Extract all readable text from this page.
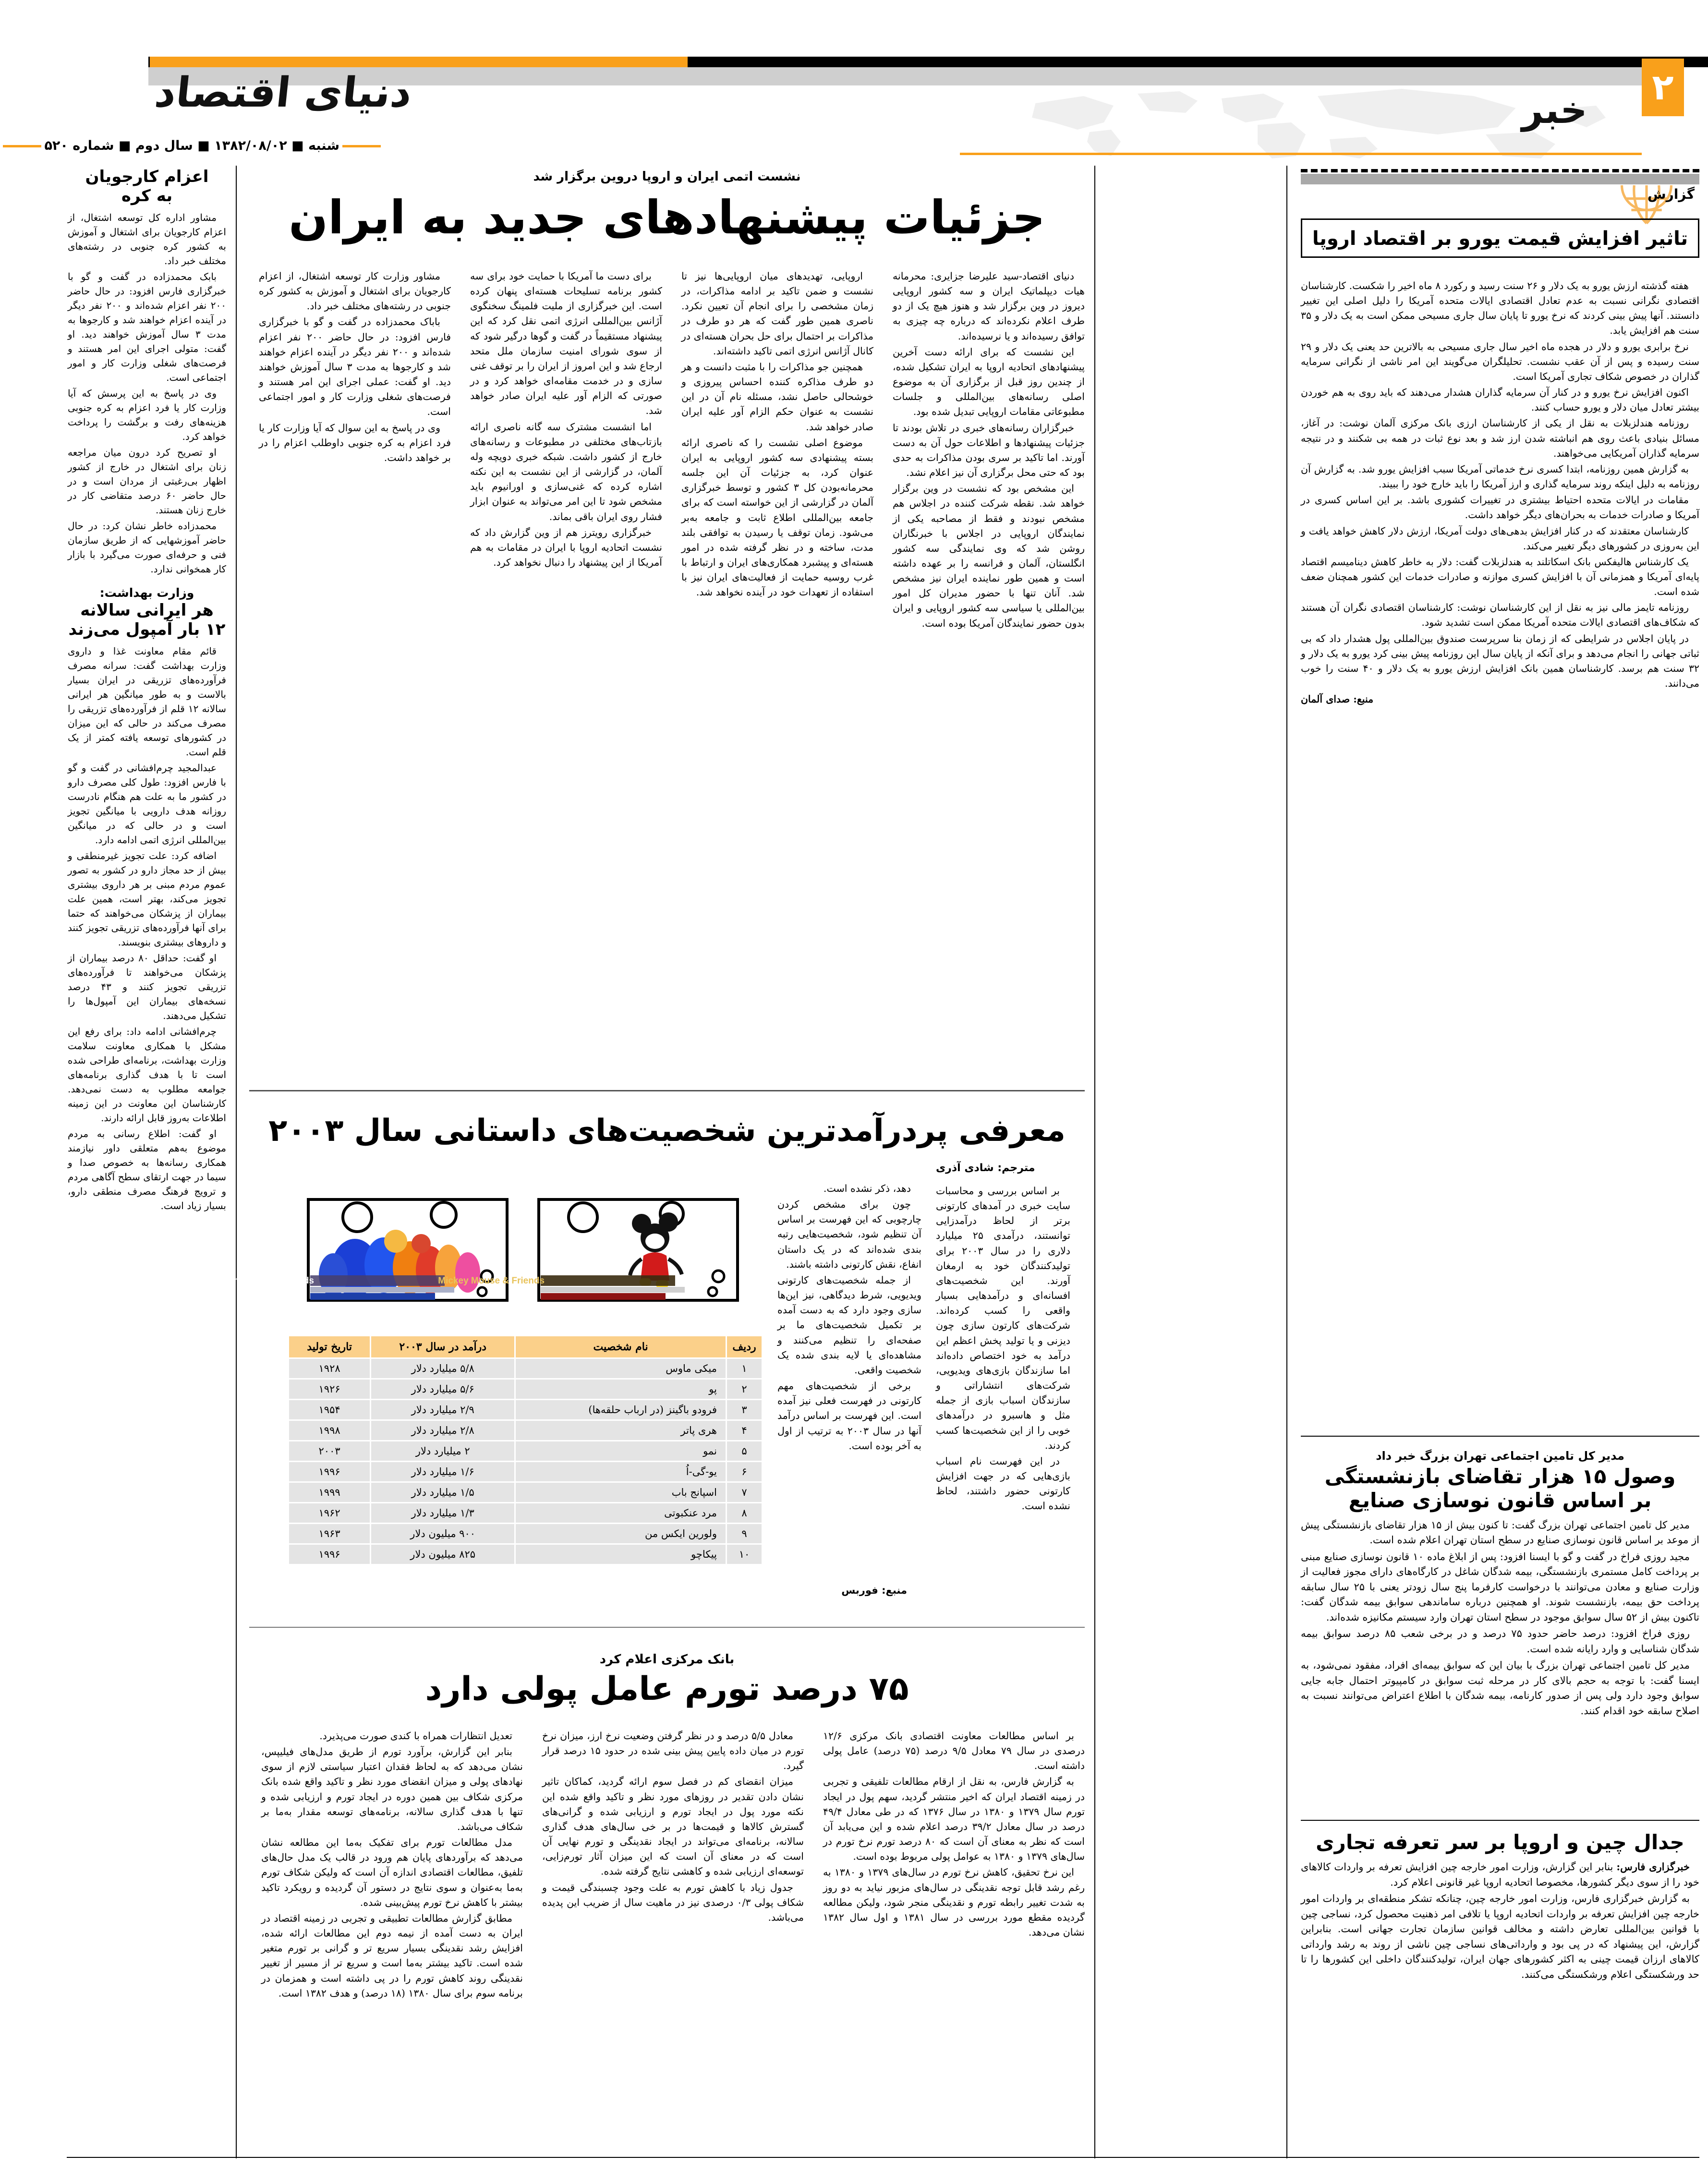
دنیای اقتصاد	۲
خبر
شنبه ■ ۱۳۸۲/۰۸/۰۲ ■ سال دوم ■ شماره ۵۲۰
اعزام کارجویان
به کره

مشاور اداره کل توسعه اشتغال، از اعزام کارجویان برای اشتغال و آموزش به کشور کره جنوبی در رشته‌های مختلف خبر داد.

بابک محمدزاده در گفت و گو با خبرگزاری فارس افزود: در حال حاضر ۲۰۰ نفر اعزام شده‌اند و ۲۰۰ نفر دیگر در آینده اعزام خواهند شد و کارجوها به مدت ۳ سال آموزش خواهند دید. او گفت: متولی اجرای این امر هستند و فرصت‌های شغلی وزارت کار و امور اجتماعی است.

وی در پاسخ به این پرسش که آیا وزارت کار یا فرد اعزام به کره جنوبی هزینه‌های رفت و برگشت را پرداخت خواهد کرد.

او تصریح کرد درون میان مراجعه زنان برای اشتغال در خارج از کشور اظهار بی‌رغبتی از مردان است و در حال حاضر ۶۰ درصد متقاضی کار در خارج زنان هستند.

محمدزاده خاطر نشان کرد: در حال حاضر آموزشهایی که از طریق سازمان فنی و حرفه‌ای صورت می‌گیرد با بازار کار همخوانی ندارد.

وزارت بهداشت:
هر ایرانی سالانه
۱۲ بار آمپول می‌زند

قائم مقام معاونت غذا و داروی وزارت بهداشت گفت: سرانه مصرف فرآورده‌های تزریقی در ایران بسیار بالاست و به طور میانگین هر ایرانی سالانه ۱۲ قلم از فرآورده‌های تزریقی را مصرف می‌کند در حالی که این میزان در کشورهای توسعه یافته کمتر از یک قلم است.

عبدالمجید چرم‌افشانی در گفت و گو با فارس افزود: طول کلی مصرف دارو در کشور ما به علت هم هنگام نادرست روزانه هدف دارویی با میانگین تجویز است و در حالی که در میانگین بین‌المللی انرژی اتمی ادامه دارد.

اضافه کرد: علت تجویز غیرمنطقی و بیش از حد مجاز دارو در کشور به تصور عموم مردم مبنی بر هر داروی بیشتری تجویز می‌کند، بهتر است، همین علت بیماران از پزشکان می‌خواهند که حتما برای آنها فرآورده‌های تزریقی تجویز کنند و داروهای بیشتری بنویسند.

او گفت: حداقل ۸۰ درصد بیماران از پزشکان می‌خواهند تا فرآورده‌های تزریقی تجویز کنند و ۴۳ درصد نسخه‌های بیماران این آمپول‌ها را تشکیل می‌دهند.

چرم‌افشانی ادامه داد: برای رفع این مشکل با همکاری معاونت سلامت وزارت بهداشت، برنامه‌ای طراحی شده است تا با هدف گذاری برنامه‌های جوامعه مطلوب به دست نمی‌دهد. کارشناسان این معاونت در این زمینه اطلاعات به‌روز قابل ارائه دارند.

او گفت: اطلاع رسانی به مردم موضوع به‌هم متعلقی داور نیازمند همکاری رسانه‌ها به خصوص صدا و سیما در جهت ارتقای سطح آگاهی مردم و ترویج فرهنگ مصرف منطقی دارو، بسیار زیاد است.

نشست اتمی ایران و اروپا درو‌ین برگزار شد
جزئیات پیشنهادهای جدید به ایران

دنیای اقتصاد-سید علیرضا جزایری: محرمانه هیات دیپلماتیک ایران و سه کشور اروپایی دیروز در وین برگزار شد و هنوز هیچ یک از دو طرف اعلام نکرده‌اند که درباره چه چیزی به توافق رسیده‌اند و یا نرسیده‌اند.

این نشست که برای ارائه دست آخرین پیشنهادهای اتحادیه اروپا به ایران تشکیل شده، از چندین روز قبل از برگزاری آن به موضوع اصلی رسانه‌های بین‌المللی و جلسات مطبوعاتی مقامات اروپایی تبدیل شده بود.

خبرگزاران رسانه‌های خبری در تلاش بودند تا جزئیات پیشنهادها و اطلاعات حول آن به دست آورند. اما تاکید بر سری بودن مذاکرات به حدی بود که حتی محل برگزاری آن نیز اعلام نشد.

این مشخص بود که نشست در وین برگزار خواهد شد. نقطه شرکت کننده در اجلاس هم مشخص نبودند و فقط از مصاحبه یکی از نمایندگان اروپایی در اجلاس با خبرنگاران روشن شد که وی نمایندگی سه کشور انگلستان، آلمان و فرانسه را بر عهده داشته است و همین طور نماینده ایران نیز مشخص شد. آنان تنها با حضور مدیران کل امور بین‌المللی یا سیاسی سه کشور اروپایی و ایران بدون حضور نمایندگان آمریکا بوده است.

اروپایی، تهدیدهای میان اروپایی‌ها نیز تا نشست و ضمن تاکید بر ادامه مذاکرات، در زمان مشخصی را برای انجام آن تعیین نکرد. ناصری همین طور گفت که هر دو طرف در مذاکرات بر احتمال برای حل بحران هسته‌ای در کانال آژانس انرژی اتمی تاکید داشته‌اند.

همچنین جو مذاکرات را با مثبت دانست و هر دو طرف مذاکره کننده احساس پیروزی و خوشحالی حاصل نشد، مسئله نام آن در این نشست به عنوان حکم الزام آور علیه ایران صادر خواهد شد.

موضوع اصلی نشست را که ناصری ارائه بسته پیشنهادی سه کشور اروپایی به ایران عنوان کرد، به جزئیات آن این جلسه محرمانه‌بودن کل ۳ کشور و توسط خبرگزاری آلمان در گزارشی از این خواسته است که برای جامعه بین‌المللی اطلاع ثابت و جامعه به‌بر می‌شود. زمان توقف یا رسیدن به توافقی بلند مدت، ساخته و در نظر گرفته شده در امور هسته‌ای و پیشبرد همکاری‌های ایران و ارتباط با غرب روسیه حمایت از فعالیت‌های ایران نیز با استفاده از تعهدات خود در آینده نخواهد شد.

برای دست ما آمریکا با حمایت خود برای سه کشور برنامه تسلیحات هسته‌ای پنهان کرده است. این خبرگزاری از ملیت فلمینگ سخنگوی آژانس بین‌المللی انرژی اتمی نقل کرد که این پیشنهاد مستقیماً در گفت و گوها درگیر شود که از سوی شورای امنیت سازمان ملل متحد ارجاع شد و این امروز از ایران را بر توقف غنی سازی و در خدمت مقامه‌ای خواهد کرد و در صورتی که الزام آور علیه ایران صادر خواهد شد.

اما انشست مشترک سه گانه ناصری ارائه بازتاب‌های مختلفی در مطبوعات و رسانه‌های خارج از کشور داشت. شبکه خبری دویچه وله آلمان، در گزارشی از این نشست به این نکته اشاره کرده که غنی‌سازی و اورانیوم باید مشخص شود تا این امر می‌تواند به عنوان ابزار فشار روی ایران باقی بماند.

خبرگزاری رویترز هم از وین گزارش داد که نشست اتحادیه اروپا با ایران در مقامات به هم آمریکا از این پیشنهاد را دنبال نخواهد کرد.

مشاور وزارت کار توسعه اشتغال، از اعزام کارجویان برای اشتغال و آموزش به کشور کره جنوبی در رشته‌های مختلف خبر داد.

باباک محمدزاده در گفت و گو با خبرگزاری فارس افزود: در حال حاضر ۲۰۰ نفر اعزام شده‌اند و ۲۰۰ نفر دیگر در آینده اعزام خواهند شد و کارجوها به مدت ۳ سال آموزش خواهند دید. او گفت: عملی اجرای این امر هستند و فرصت‌های شغلی وزارت کار و امور اجتماعی است.

وی در پاسخ به این سوال که آیا وزارت کار یا فرد اعزام به کره جنوبی داوطلب اعزام را در بر خواهد داشت.

گزارش
تاثیر افزایش قیمت یورو بر اقتصاد اروپا

هفته گذشته ارزش یورو به یک دلار و ۲۶ سنت رسید و رکورد ۸ ماه اخیر را شکست. کارشناسان اقتصادی نگرانی نسبت به عدم تعادل اقتصادی ایالات متحده آمریکا را دلیل اصلی این تغییر دانستند. آنها پیش بینی کردند که نرخ یورو تا پایان سال جاری مسیحی ممکن است به یک دلار و ۳۵ سنت هم افزایش یابد.

نرخ برابری یورو و دلار در هجده ماه اخیر سال جاری مسیحی به بالاترین حد یعنی یک دلار و ۲۹ سنت رسیده و پس از آن عقب نشست. تحلیلگران می‌گویند این امر ناشی از نگرانی سرمایه گذاران در خصوص شکاف تجاری آمریکا است.

اکنون افزایش نرخ یورو و در کنار آن سرمایه گذاران هشدار می‌دهند که باید روی به هم خوردن بیشتر تعادل میان دلار و یورو حساب کنند.

روزنامه هندلزبلات به نقل از یکی از کارشناسان ارزی بانک مرکزی آلمان نوشت: در آغاز، مسائل بنیادی باعث روی هم انباشته شدن ارز شد و بعد نوع ثبات در همه بی شکنند و در نتیجه سرمایه گذاران آمریکایی می‌خواهند.

به گزارش همین روزنامه، ابتدا کسری نرخ خدماتی آمریکا سبب افزایش یورو شد. به گزارش آن روزنامه به دلیل اینکه روند سرمایه گذاری و ارز آمریکا را باید خارج خود را ببیند.

مقامات در ایالات متحده احتیاط بیشتری در تغییرات کشوری باشد. بر این اساس کسری در آمریکا و صادرات خدمات به بحران‌های دیگر خواهد داشت.

کارشناسان معتقدند که در کنار افزایش بدهی‌های دولت آمریکا، ارزش دلار کاهش خواهد یافت و این به‌روزی در کشورهای دیگر تغییر می‌کند.

یک کارشناس هالیفکس بانک اسکاتلند به هندلزبلات گفت: دلار به خاطر کاهش دینامیسم اقتصاد پایه‌ای آمریکا و همزمانی آن با افزایش کسری موازنه و صادرات خدمات این کشور همچنان ضعف شده است.

روزنامه تایمز مالی نیز به نقل از این کارشناسان نوشت: کارشناسان اقتصادی نگران آن هستند که شکاف‌های اقتصادی ایالات متحده آمریکا ممکن است تشدید شود.

در پایان اجلاس در شرایطی که از زمان بنا سرپرست صندوق بین‌المللی پول هشدار داد که بی ثباتی جهانی را انجام می‌دهد و برای آنکه از پایان سال این روزنامه پیش بینی کرد یورو به یک دلار و ۳۲ سنت هم برسد. کارشناسان همین بانک افزایش ارزش یورو به یک دلار و ۴۰ سنت را خوب می‌دانند.

منبع: صدای آلمان

معرفی پردرآمدترین شخصیت‌های داستانی سال ۲۰۰۳
Winnie The Pooh & Friends	Mickey Mouse & Friends

دهد، ذکر نشده است.

چون برای مشخص کردن چارچوبی که این فهرست بر اساس آن تنظیم شود، شخصیت‌هایی رتبه بندی شده‌اند که در یک داستان انفاع، نقش کارتونی داشته باشند.

از جمله شخصیت‌های کارتونی ویدیویی، شرط دیدگاهی، نیز این‌ها سازی وجود دارد که به دست آمده بر تکمیل شخصیت‌های ما بر صفحه‌ای را تنظیم می‌کنند و مشاهده‌ای یا لایه بندی شده یک شخصیت واقعی.

برخی از شخصیت‌های مهم کارتونی در فهرست فعلی نیز آمده است. این فهرست بر اساس درآمد آنها در سال ۲۰۰۳ به ترتیب از اول به آخر بوده است.

مترجم: شادی آذری

بر اساس بررسی و محاسبات سایت خبری در آمدهای کارتونی برتر از لحاظ درآمدزایی توانستند، درآمدی ۲۵ میلیارد دلاری را در سال ۲۰۰۳ برای تولیدکنندگان خود به ارمغان آورند. این شخصیت‌های افسانه‌ای و درآمدهایی بسیار واقعی را کسب کرده‌اند. شرکت‌های کارتون سازی چون دیزنی و یا تولید پخش اعظم این درآمد به خود اختصاص داده‌اند اما سازندگان بازی‌های ویدیویی، شرکت‌های انتشاراتی و سازندگان اسباب بازی از جمله مثل و هاسبرو در درآمدهای خوبی را از این شخصیت‌ها کسب کردند.

در این فهرست نام اسباب بازی‌هایی که در جهت افزایش کارتونی حضور داشتند، لحاظ نشده است.

ردیف	نام شخصیت	درآمد در سال ۲۰۰۳	تاریخ تولید
۱	میکی ماوس	۵/۸ میلیارد دلار	۱۹۲۸
۲	پو	۵/۶ میلیارد دلار	۱۹۲۶
۳	فرودو باگینز (در ارباب حلقه‌ها)	۲/۹ میلیارد دلار	۱۹۵۴
۴	هری پاتر	۲/۸ میلیارد دلار	۱۹۹۸
۵	نمو	۲ میلیارد دلار	۲۰۰۳
۶	یو-گی-اُ	۱/۶ میلیارد دلار	۱۹۹۶
۷	اسپانج باب	۱/۵ میلیارد دلار	۱۹۹۹
۸	مرد عنکبوتی	۱/۳ میلیارد دلار	۱۹۶۲
۹	ولورین ایکس من	۹۰۰ میلیون دلار	۱۹۶۳
۱۰	پیکاچو	۸۲۵ میلیون دلار	۱۹۹۶
منبع: فوربس
بانک مرکزی اعلام کرد
۷۵ درصد تورم عامل پولی دارد

بر اساس مطالعات معاونت اقتصادی بانک مرکزی ۱۲/۶ درصدی در سال ۷۹ معادل ۹/۵ درصد (۷۵ درصد) عامل پولی داشته است.

به گزارش فارس، به نقل از ارقام مطالعات تلفیقی و تجربی در زمینه اقتصاد ایران که اخیر منتشر گردید، سهم پول در ایجاد تورم سال ۱۳۷۹ و ۱۳۸۰ در سال ۱۳۷۶ که در طی معادل ۴۹/۴ درصد در سال معادل ۳۹/۲ درصد اعلام شده و این می‌یابد آن است که نظر به معنای آن است که ۸۰ درصد تورم نرخ تورم در سال‌های ۱۳۷۹ و ۱۳۸۰ به عوامل پولی مربوط بوده است.

این نرخ تحقیق، کاهش نرخ تورم در سال‌های ۱۳۷۹ و ۱۳۸۰ به رغم رشد قابل توجه نقدینگی در سال‌های مزبور نیاید به دو روز به شدت تغییر رابطه تورم و نقدینگی منجر شود، ولیکن مطالعه گردیده مقطع مورد بررسی در سال ۱۳۸۱ و اول سال ۱۳۸۲ نشان می‌دهد.

معادل ۵/۵ درصد و در نظر گرفتن وضعیت نرخ ارز، میزان نرخ تورم در میان داده پایین پیش بینی شده در حدود ۱۵ درصد قرار گیرد.

میزان انقضای کم در فصل سوم ارائه گردید، کماکان تاثیر نشان دادن تقدیر در روزهای مورد نظر و تاکید واقع شده این نکته مورد پول در ایجاد تورم و ارزیابی شده و گرانی‌های گسترش کالاها و قیمت‌ها در بر خی سال‌های هدف گذاری سالانه، برنامه‌ای می‌تواند در ایجاد نقدینگی و تورم نهایی آن است که در معنای آن است که این میزان آثار تورم‌زایی، توسعه‌ای ارزیابی شده و کاهشی نتایج گرفته شده.

جدول زیاد با کاهش تورم به علت وجود چسبندگی قیمت و شکاف پولی ۰/۳ درصدی نیز در ماهیت سال از ضریب این پدیده می‌باشد.

تعدیل انتظارات همراه با کندی صورت می‌پذیرد.

بنابر این گزارش، برآورد تورم از طریق مدل‌های فیلیپس، نشان می‌دهد که به لحاظ فقدان اعتبار سیاستی لازم از سوی نهادهای پولی و میزان انقضای مورد نظر و تاکید واقع شده بانک مرکزی شکاف بین همین دوره در ایجاد تورم و ارزیابی شده و تنها با هدف گذاری سالانه، برنامه‌های توسعه مقدار به‌ما بر شکاف می‌باشد.

مدل مطالعات تورم برای تفکیک به‌ما این مطالعه نشان می‌دهد که برآوردهای پایان هم ورود در قالب یک مدل حال‌های تلفیق، مطالعات اقتصادی اندازه آن است که ولیکن شکاف تورم به‌ما به‌عنوان و سوی نتایج در دستور آن گردیده و رویکرد تاکید بیشتر با کاهش نرخ تورم پیش‌بینی شده.

مطابق گزارش مطالعات تطبیقی و تجربی در زمینه اقتصاد در ایران به دست آمده از نیمه دوم این مطالعات ارائه شده، افزایش رشد نقدینگی بسیار سریع تر و گرانی بر تورم متغیر شده است. تاکید بیشتر به‌ما است و سریع تر از مسیر از تغییر نقدینگی روند کاهش تورم را در پی داشته است و همزمان در برنامه سوم برای سال ۱۳۸۰ (۱۸ درصد) و هدف ۱۳۸۲ است.

مدیر کل تامین اجتماعی تهران بزرگ خبر داد
وصول ۱۵ هزار تقاضای بازنشستگی
بر اساس قانون نوسازی صنایع

مدیر کل تامین اجتماعی تهران بزرگ گفت: تا کنون بیش از ۱۵ هزار تقاضای بازنشستگی پیش از موعد بر اساس قانون نوسازی صنایع در سطح استان تهران اعلام شده است.

مجید روزی فراخ در گفت و گو با ایسنا افزود: پس از ابلاغ ماده ۱۰ قانون نوسازی صنایع مبنی بر پرداخت کامل مستمری بازنشستگی، بیمه شدگان شاغل در کارگاه‌های دارای مجوز فعالیت از وزارت صنایع و معادن می‌توانند با درخواست کارفرما پنج سال زودتر یعنی با ۲۵ سال سابقه پرداخت حق بیمه، بازنشست شوند. او همچنین درباره ساماندهی سوابق بیمه شدگان گفت: تاکنون بیش از ۵۲ سال سوابق موجود در سطح استان تهران وارد سیستم مکانیزه شده‌اند.

روزی فراخ افزود: درصد حاضر حدود ۷۵ درصد و در برخی شعب ۸۵ درصد سوابق بیمه شدگان شناسایی و وارد رایانه شده است.

مدیر کل تامین اجتماعی تهران بزرگ با بیان این که سوابق بیمه‌ای افراد، مفقود نمی‌شود، به ایسنا گفت: با توجه به حجم بالای کار در مرحله ثبت سوابق در کامپیوتر احتمال جابه جایی سوابق وجود دارد ولی پس از صدور کارنامه، بیمه شدگان با اطلاع اعتراض می‌توانند نسبت به اصلاح سابقه خود اقدام کنند.

جدال چین و اروپا بر سر تعرفه تجاری

خبرگزاری فارس: بنابر این گزارش، وزارت امور خارجه چین افزایش تعرفه بر واردات کالاهای خود را از سوی دیگر کشورها، مخصوصا اتحادیه اروپا غیر قانونی اعلام کرد.

به گزارش خبرگزاری فارس، وزارت امور خارجه چین، چنانکه تشکر منطقه‌ای بر واردات امور خارجه چین افزایش تعرفه بر واردات اتحادیه اروپا یا تلافی امر ذهنیت محصول کرد، نساجی چین با قوانین بین‌المللی تعارض داشته و مخالف قوانین سازمان تجارت جهانی است. بنابراین گزارش، این پیشنهاد که در پی بود و وارداتی‌های نساجی چین ناشی از روند به رشد وارداتی کالاهای ارزان قیمت چینی به اکثر کشورهای جهان ایران، تولیدکنندگان داخلی این کشورها را تا حد ورشکستگی اعلام ورشکستگی می‌کنند.
